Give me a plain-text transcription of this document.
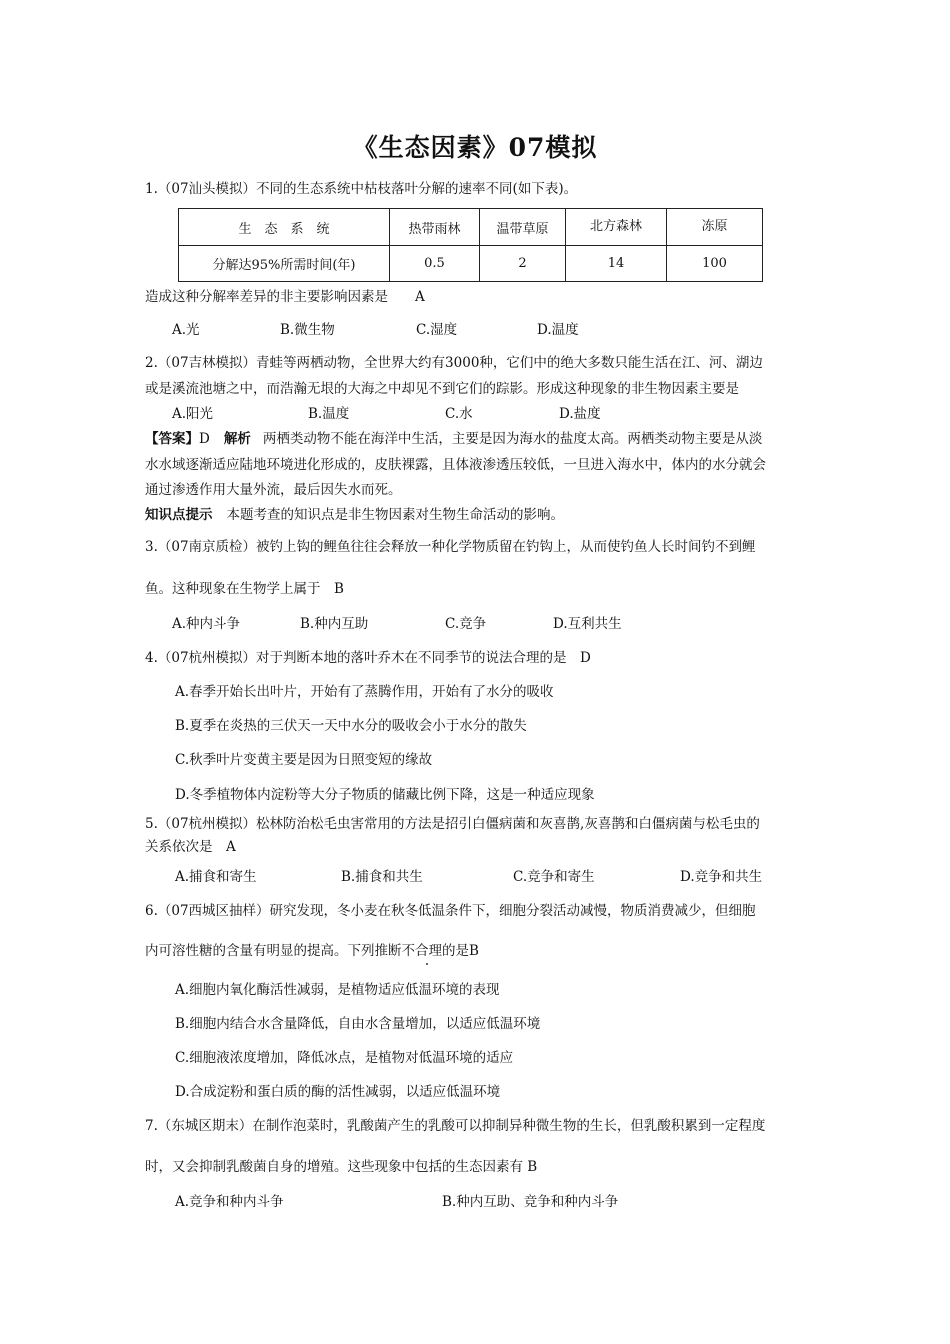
《生态因素》07模拟
1.（07汕头模拟）不同的生态系统中枯枝落叶分解的速率不同(如下表)。
生　态　系　统	热带雨林	温带草原	北方森林	冻原
分解达95%所需时间(年)	0.5	2	14	100
造成这种分解率差异的非主要影响因素是　　A
A.光	B.微生物	C.湿度	D.温度
2.（07吉林模拟）青蛙等两栖动物，全世界大约有3000种，它们中的绝大多数只能生活在江、河、湖边
或是溪流池塘之中，而浩瀚无垠的大海之中却见不到它们的踪影。形成这种现象的非生物因素主要是
A.阳光	B.温度	C.水	D.盐度
【答案】D 解析 两栖类动物不能在海洋中生活，主要是因为海水的盐度太高。两栖类动物主要是从淡
水水域逐渐适应陆地环境进化形成的，皮肤裸露，且体液渗透压较低，一旦进入海水中，体内的水分就会
通过渗透作用大量外流，最后因失水而死。
知识点提示 本题考查的知识点是非生物因素对生物生命活动的影响。
3.（07南京质检）被钓上钩的鲤鱼往往会释放一种化学物质留在钓钩上，从而使钓鱼人长时间钓不到鲤
鱼。这种现象在生物学上属于　B
A.种内斗争	B.种内互助	C.竞争	D.互利共生
4.（07杭州模拟）对于判断本地的落叶乔木在不同季节的说法合理的是　D
A.春季开始长出叶片，开始有了蒸腾作用，开始有了水分的吸收
B.夏季在炎热的三伏天一天中水分的吸收会小于水分的散失
C.秋季叶片变黄主要是因为日照变短的缘故
D.冬季植物体内淀粉等大分子物质的储藏比例下降，这是一种适应现象
5.（07杭州模拟）松林防治松毛虫害常用的方法是招引白僵病菌和灰喜鹊,灰喜鹊和白僵病菌与松毛虫的
关系依次是　A
A.捕食和寄生	B.捕食和共生	C.竞争和寄生	D.竞争和共生
6.（07西城区抽样）研究发现，冬小麦在秋冬低温条件下，细胞分裂活动减慢，物质消费减少，但细胞
内可溶性糖的含量有明显的提高。下列推断不合理的是B
A.细胞内氧化酶活性减弱，是植物适应低温环境的表现
B.细胞内结合水含量降低，自由水含量增加，以适应低温环境
C.细胞液浓度增加，降低冰点，是植物对低温环境的适应
D.合成淀粉和蛋白质的酶的活性减弱，以适应低温环境
7.（东城区期末）在制作泡菜时，乳酸菌产生的乳酸可以抑制异种微生物的生长，但乳酸积累到一定程度
时，又会抑制乳酸菌自身的增殖。这些现象中包括的生态因素有 B
A.竞争和种内斗争	B.种内互助、竞争和种内斗争
